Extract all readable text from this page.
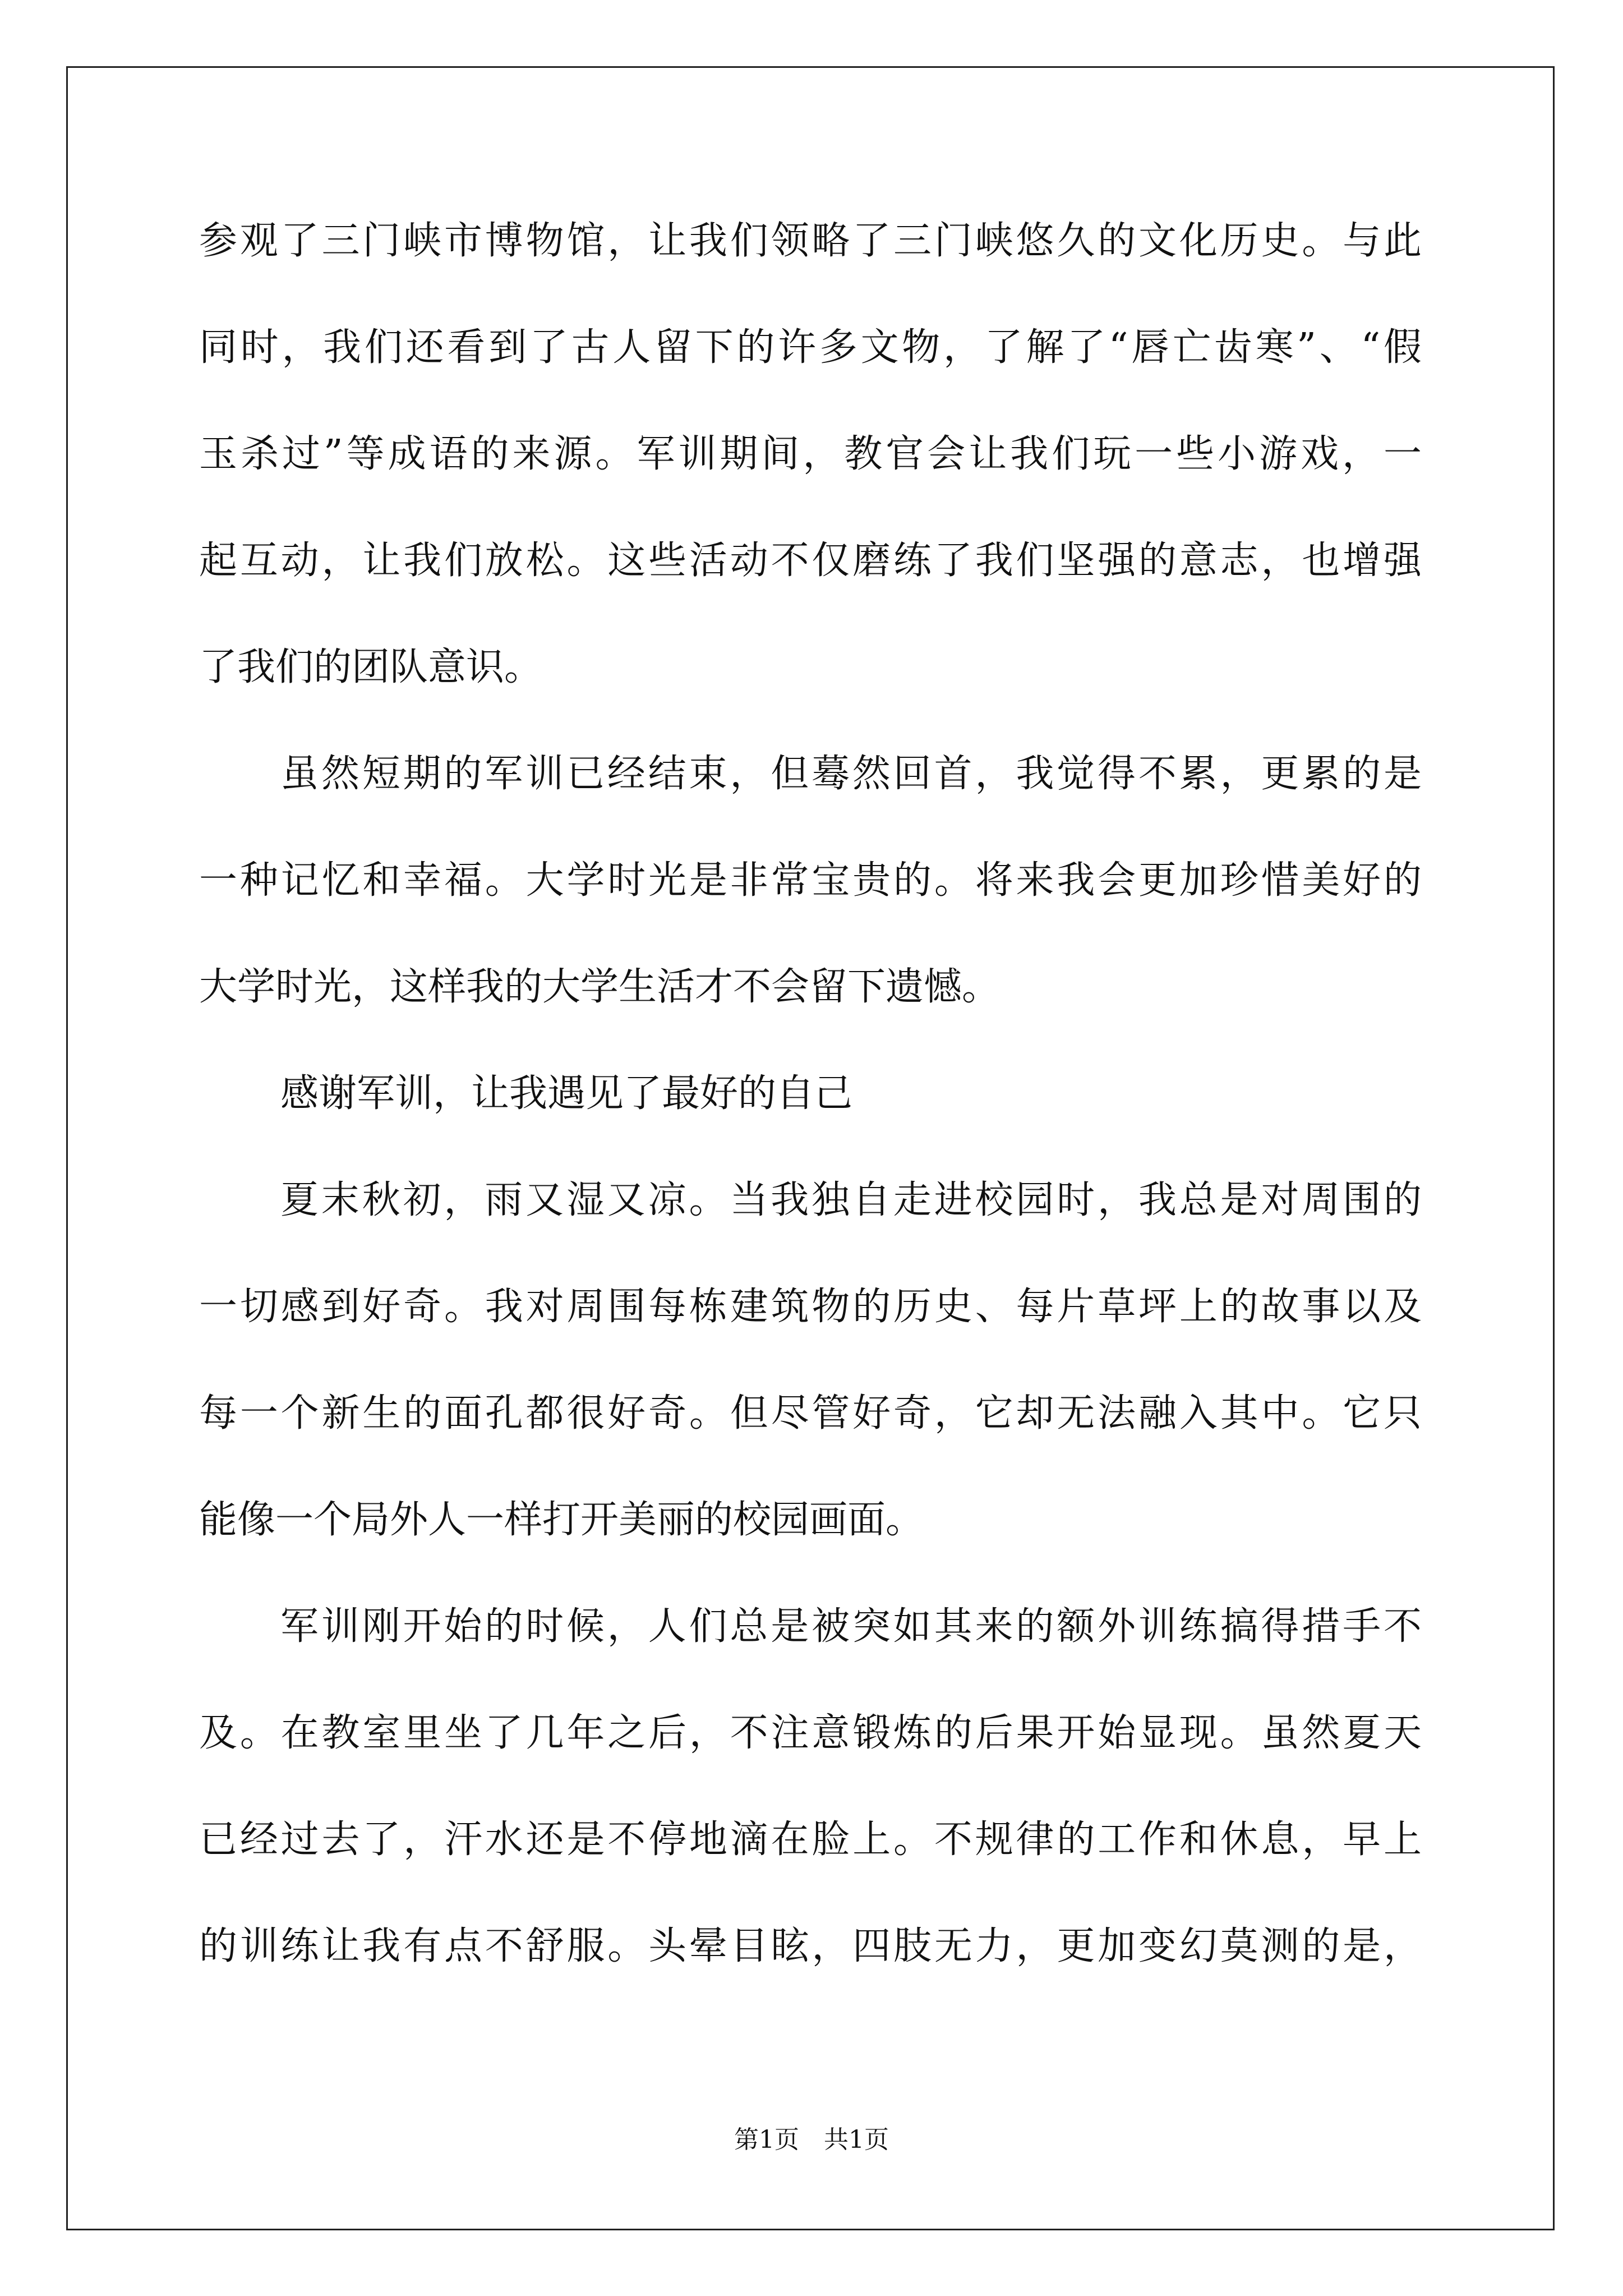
参观了三门峡市博物馆，让我们领略了三门峡悠久的文化历史。与此
同时，我们还看到了古人留下的许多文物，了解了“唇亡齿寒”、“假
玉杀过”等成语的来源。军训期间，教官会让我们玩一些小游戏，一
起互动，让我们放松。这些活动不仅磨练了我们坚强的意志，也增强
了我们的团队意识。
虽然短期的军训已经结束，但蓦然回首，我觉得不累，更累的是
一种记忆和幸福。大学时光是非常宝贵的。将来我会更加珍惜美好的
大学时光，这样我的大学生活才不会留下遗憾。
感谢军训，让我遇见了最好的自己
夏末秋初，雨又湿又凉。当我独自走进校园时，我总是对周围的
一切感到好奇。我对周围每栋建筑物的历史、每片草坪上的故事以及
每一个新生的面孔都很好奇。但尽管好奇，它却无法融入其中。它只
能像一个局外人一样打开美丽的校园画面。
军训刚开始的时候，人们总是被突如其来的额外训练搞得措手不
及。在教室里坐了几年之后，不注意锻炼的后果开始显现。虽然夏天
已经过去了，汗水还是不停地滴在脸上。不规律的工作和休息，早上
的训练让我有点不舒服。头晕目眩，四肢无力，更加变幻莫测的是，
第1页　共1页
